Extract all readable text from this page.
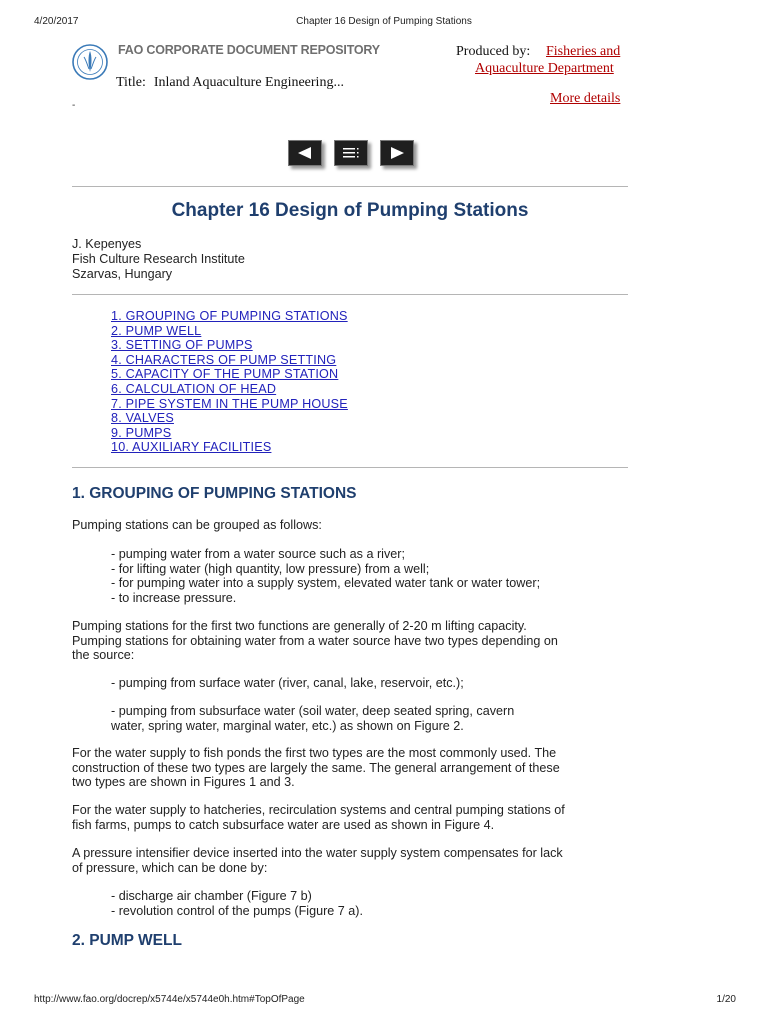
4/20/2017	Chapter 16 Design of Pumping Stations
FAO CORPORATE DOCUMENT REPOSITORY
Title: Inland Aquaculture Engineering...
Produced by: Fisheries and
Aquaculture Department
More details
-
Chapter 16 Design of Pumping Stations
J. Kepenyes
Fish Culture Research Institute
Szarvas, Hungary
1. GROUPING OF PUMPING STATIONS
2. PUMP WELL
3. SETTING OF PUMPS
4. CHARACTERS OF PUMP SETTING
5. CAPACITY OF THE PUMP STATION
6. CALCULATION OF HEAD
7. PIPE SYSTEM IN THE PUMP HOUSE
8. VALVES
9. PUMPS
10. AUXILIARY FACILITIES
1. GROUPING OF PUMPING STATIONS
Pumping stations can be grouped as follows:
- pumping water from a water source such as a river;
- for lifting water (high quantity, low pressure) from a well;
- for pumping water into a supply system, elevated water tank or water tower;
- to increase pressure.
Pumping stations for the first two functions are generally of 2-20 m lifting capacity.
Pumping stations for obtaining water from a water source have two types depending on
the source:
- pumping from surface water (river, canal, lake, reservoir, etc.);
- pumping from subsurface water (soil water, deep seated spring, cavern
water, spring water, marginal water, etc.) as shown on Figure 2.
For the water supply to fish ponds the first two types are the most commonly used. The
construction of these two types are largely the same. The general arrangement of these
two types are shown in Figures 1 and 3.
For the water supply to hatcheries, recirculation systems and central pumping stations of
fish farms, pumps to catch subsurface water are used as shown in Figure 4.
A pressure intensifier device inserted into the water supply system compensates for lack
of pressure, which can be done by:
- discharge air chamber (Figure 7 b)
- revolution control of the pumps (Figure 7 a).
2. PUMP WELL
http://www.fao.org/docrep/x5744e/x5744e0h.htm#TopOfPage	1/20
